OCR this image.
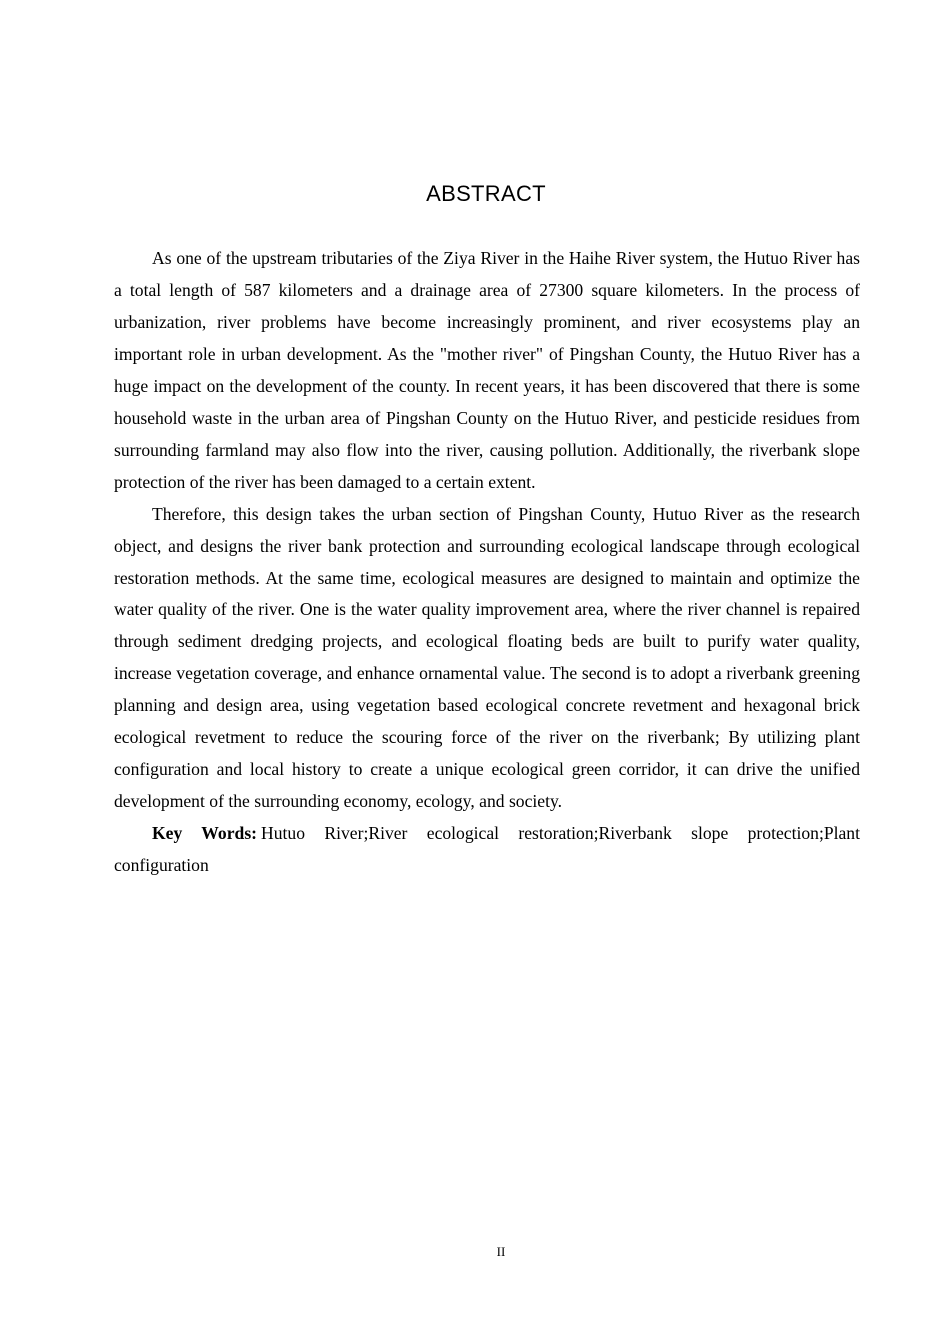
ABSTRACT

As one of the upstream tributaries of the Ziya River in the Haihe River system, the Hutuo River has a total length of 587 kilometers and a drainage area of 27300 square kilometers. In the process of urbanization, river problems have become increasingly prominent, and river ecosystems play an important role in urban development. As the "mother river" of Pingshan County, the Hutuo River has a huge impact on the development of the county. In recent years, it has been discovered that there is some household waste in the urban area of Pingshan County on the Hutuo River, and pesticide residues from surrounding farmland may also flow into the river, causing pollution. Additionally, the riverbank slope protection of the river has been damaged to a certain extent.

Therefore, this design takes the urban section of Pingshan County, Hutuo River as the research object, and designs the river bank protection and surrounding ecological landscape through ecological restoration methods. At the same time, ecological measures are designed to maintain and optimize the water quality of the river. One is the water quality improvement area, where the river channel is repaired through sediment dredging projects, and ecological floating beds are built to purify water quality, increase vegetation coverage, and enhance ornamental value. The second is to adopt a riverbank greening planning and design area, using vegetation based ecological concrete revetment and hexagonal brick ecological revetment to reduce the scouring force of the river on the riverbank; By utilizing plant configuration and local history to create a unique ecological green corridor, it can drive the unified development of the surrounding economy, ecology, and society.

Key Words: Hutuo River;River ecological restoration;Riverbank slope protection;Plant configuration

II
